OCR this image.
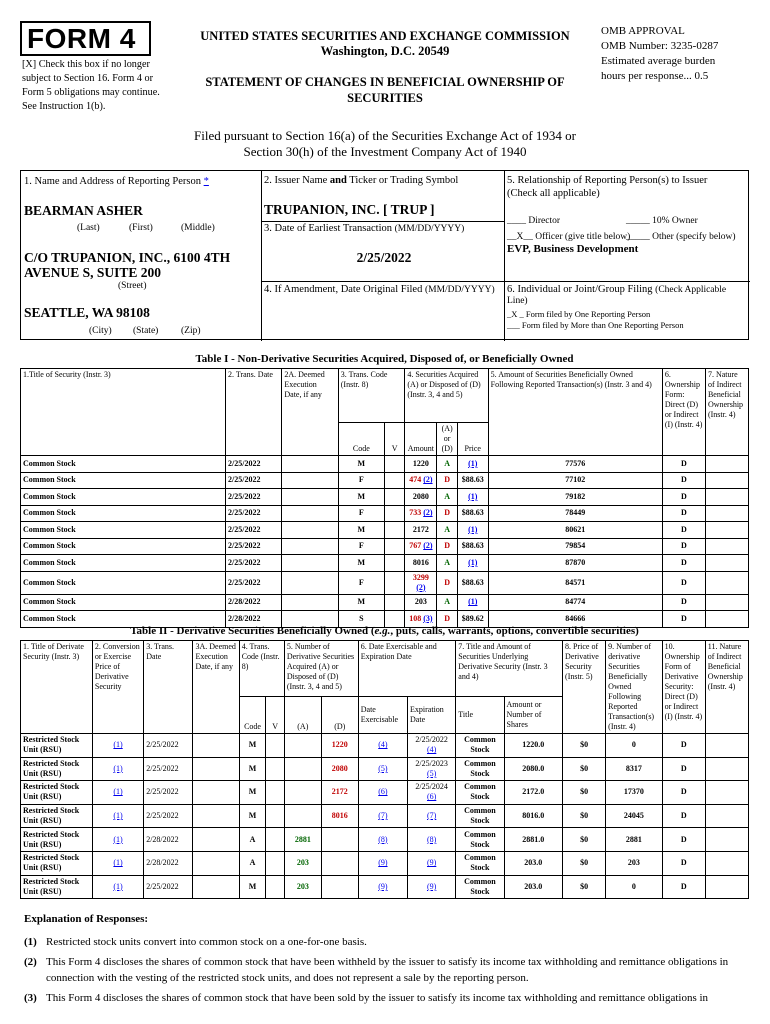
FORM 4
[X] Check this box if no longer subject to Section 16. Form 4 or Form 5 obligations may continue. See Instruction 1(b).
UNITED STATES SECURITIES AND EXCHANGE COMMISSION
Washington, D.C. 20549
STATEMENT OF CHANGES IN BENEFICIAL OWNERSHIP OF SECURITIES
OMB APPROVAL
OMB Number: 3235-0287
Estimated average burden
hours per response... 0.5
Filed pursuant to Section 16(a) of the Securities Exchange Act of 1934 or
Section 30(h) of the Investment Company Act of 1940
1. Name and Address of Reporting Person *
BEARMAN ASHER
(Last)	(First)	(Middle)
C/O TRUPANION, INC., 6100 4TH AVENUE S, SUITE 200
(Street)
SEATTLE, WA 98108
(City) (State) (Zip)
2. Issuer Name and Ticker or Trading Symbol
TRUPANION, INC. [ TRUP ]
3. Date of Earliest Transaction (MM/DD/YYYY)
2/25/2022
4. If Amendment, Date Original Filed (MM/DD/YYYY)
5. Relationship of Reporting Person(s) to Issuer
(Check all applicable)
____ Director	_____ 10% Owner
__X__ Officer (give title below)
_____ Other (specify below)
EVP, Business Development
6. Individual or Joint/Group Filing (Check Applicable Line)
_X _ Form filed by One Reporting Person
___ Form filed by More than One Reporting Person
Table I - Non-Derivative Securities Acquired, Disposed of, or Beneficially Owned
1.Title of Security (Instr. 3)	2. Trans. Date	2A. Deemed Execution Date, if any	3. Trans. Code (Instr. 8)		4. Securities Acquired (A) or Disposed of (D) (Instr. 3, 4 and 5)			5. Amount of Securities Beneficially Owned Following Reported Transaction(s) (Instr. 3 and 4)	6. Ownership Form: Direct (D) or Indirect (I) (Instr. 4)	7. Nature of Indirect Beneficial Ownership (Instr. 4)
			Code	V	Amount	(A) or (D)	Price			
Common Stock	2/25/2022		M		1220	A	(1)	77576	D	
Common Stock	2/25/2022		F		474 (2)	D	$88.63	77102	D	
Common Stock	2/25/2022		M		2080	A	(1)	79182	D	
Common Stock	2/25/2022		F		733 (2)	D	$88.63	78449	D	
Common Stock	2/25/2022		M		2172	A	(1)	80621	D	
Common Stock	2/25/2022		F		767 (2)	D	$88.63	79854	D	
Common Stock	2/25/2022		M		8016	A	(1)	87870	D	
Common Stock	2/25/2022		F		3299 (2)	D	$88.63	84571	D	
Common Stock	2/28/2022		M		203	A	(1)	84774	D	
Common Stock	2/28/2022		S		108 (3)	D	$89.62	84666	D	
Table II - Derivative Securities Beneficially Owned (e.g., puts, calls, warrants, options, convertible securities)
1. Title of Derivate Security (Instr. 3)	2. Conversion or Exercise Price of Derivative Security	3. Trans. Date	3A. Deemed Execution Date, if any	4. Trans. Code (Instr. 8)		5. Number of Derivative Securities Acquired (A) or Disposed of (D) (Instr. 3, 4 and 5)		6. Date Exercisable and Expiration Date		7. Title and Amount of Securities Underlying Derivative Security (Instr. 3 and 4)		8. Price of Derivative Security (Instr. 5)	9. Number of derivative Securities Beneficially Owned Following Reported Transaction(s) (Instr. 4)	10. Ownership Form of Derivative Security: Direct (D) or Indirect (I) (Instr. 4)	11. Nature of Indirect Beneficial Ownership (Instr. 4)
				Code	V	(A)	(D)	Date Exercisable	Expiration Date	Title	Amount or Number of Shares				
Restricted Stock Unit (RSU)	(1)	2/25/2022		M			1220	(4)	2/25/2022 (4)	Common Stock	1220.0	$0	0	D	
Restricted Stock Unit (RSU)	(1)	2/25/2022		M			2080	(5)	2/25/2023 (5)	Common Stock	2080.0	$0	8317	D	
Restricted Stock Unit (RSU)	(1)	2/25/2022		M			2172	(6)	2/25/2024 (6)	Common Stock	2172.0	$0	17370	D	
Restricted Stock Unit (RSU)	(1)	2/25/2022		M			8016	(7)	(7)	Common Stock	8016.0	$0	24045	D	
Restricted Stock Unit (RSU)	(1)	2/28/2022		A		2881		(8)	(8)	Common Stock	2881.0	$0	2881	D	
Restricted Stock Unit (RSU)	(1)	2/28/2022		A		203		(9)	(9)	Common Stock	203.0	$0	203	D	
Restricted Stock Unit (RSU)	(1)	2/25/2022		M		203		(9)	(9)	Common Stock	203.0	$0	0	D	
Explanation of Responses:
(1) Restricted stock units convert into common stock on a one-for-one basis.
(2) This Form 4 discloses the shares of common stock that have been withheld by the issuer to satisfy its income tax withholding and remittance obligations in connection with the vesting of the restricted stock units, and does not represent a sale by the reporting person.
(3) This Form 4 discloses the shares of common stock that have been sold by the issuer to satisfy its income tax withholding and remittance obligations in
